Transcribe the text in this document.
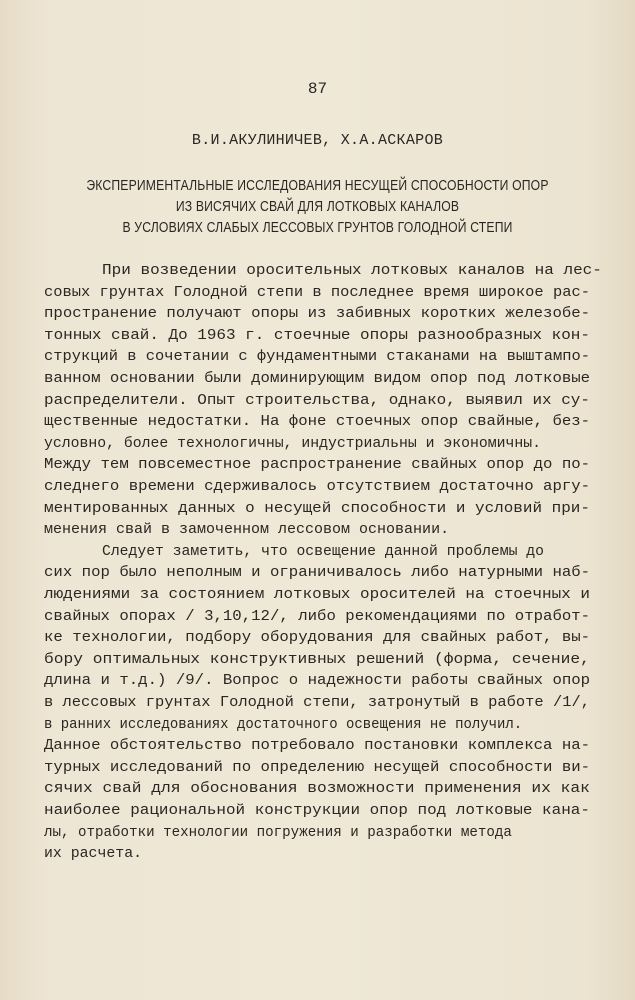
87
В.И.АКУЛИНИЧЕВ, Х.А.АСКАРОВ
ЭКСПЕРИМЕНТАЛЬНЫЕ ИССЛЕДОВАНИЯ НЕСУЩЕЙ СПОСОБНОСТИ ОПОР
ИЗ ВИСЯЧИХ СВАЙ ДЛЯ ЛОТКОВЫХ КАНАЛОВ
В УСЛОВИЯХ СЛАБЫХ ЛЕССОВЫХ ГРУНТОВ ГОЛОДНОЙ СТЕПИ
При возведении оросительных лотковых каналов на лес-
совых грунтах Голодной степи в последнее время широкое рас-
пространение получают опоры из забивных коротких железобе-
тонных свай. До 1963 г. стоечные опоры разнообразных кон-
струкций в сочетании с фундаментными стаканами на выштампо-
ванном основании были доминирующим видом опор под лотковые
распределители. Опыт строительства, однако, выявил их су-
щественные недостатки. На фоне стоечных опор свайные, без-
условно, более технологичны, индустриальны и экономичны.
Между тем повсеместное распространение свайных опор до по-
следнего времени сдерживалось отсутствием достаточно аргу-
ментированных данных о несущей способности и условий при-
менения свай в замоченном лессовом основании.
Следует заметить, что освещение данной проблемы до
сих пор было неполным и ограничивалось либо натурными наб-
людениями за состоянием лотковых оросителей на стоечных и
свайных опорах / 3,10,12/, либо рекомендациями по отработ-
ке технологии, подбору оборудования для свайных работ, вы-
бору оптимальных конструктивных решений (форма, сечение,
длина и т.д.) /9/. Вопрос о надежности работы свайных опор
в лессовых грунтах Голодной степи, затронутый в работе /1/,
в ранних исследованиях достаточного освещения не получил.
Данное обстоятельство потребовало постановки комплекса на-
турных исследований по определению несущей способности ви-
сячих свай для обоснования возможности применения их как
наиболее рациональной конструкции опор под лотковые кана-
лы, отработки технологии погружения и разработки метода
их расчета.
